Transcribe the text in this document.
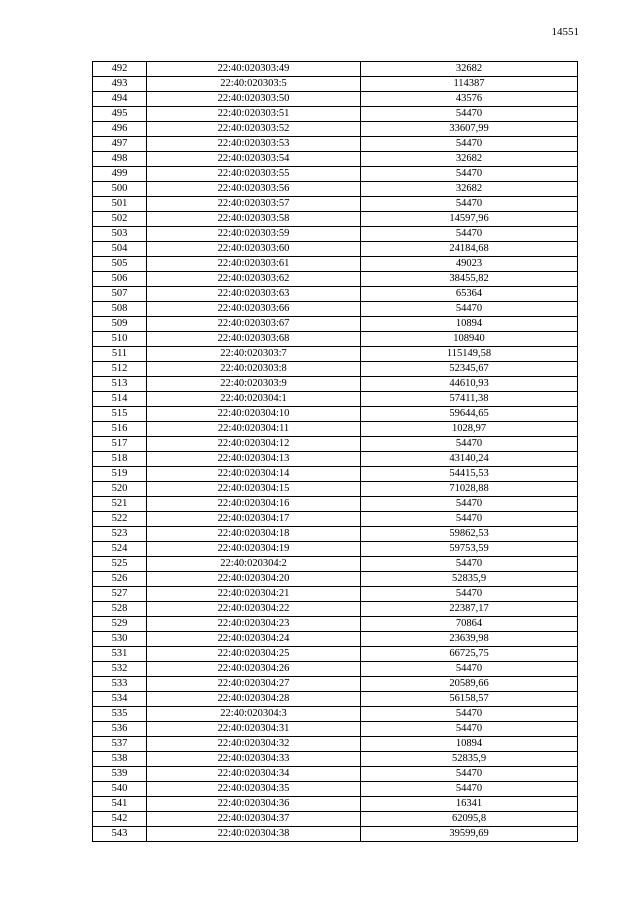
14551
492	22:40:020303:49	32682
493	22:40:020303:5	114387
494	22:40:020303:50	43576
495	22:40:020303:51	54470
496	22:40:020303:52	33607,99
497	22:40:020303:53	54470
498	22:40:020303:54	32682
499	22:40:020303:55	54470
500	22:40:020303:56	32682
501	22:40:020303:57	54470
502	22:40:020303:58	14597,96
503	22:40:020303:59	54470
504	22:40:020303:60	24184,68
505	22:40:020303:61	49023
506	22:40:020303:62	38455,82
507	22:40:020303:63	65364
508	22:40:020303:66	54470
509	22:40:020303:67	10894
510	22:40:020303:68	108940
511	22:40:020303:7	115149,58
512	22:40:020303:8	52345,67
513	22:40:020303:9	44610,93
514	22:40:020304:1	57411,38
515	22:40:020304:10	59644,65
516	22:40:020304:11	1028,97
517	22:40:020304:12	54470
518	22:40:020304:13	43140,24
519	22:40:020304:14	54415,53
520	22:40:020304:15	71028,88
521	22:40:020304:16	54470
522	22:40:020304:17	54470
523	22:40:020304:18	59862,53
524	22:40:020304:19	59753,59
525	22:40:020304:2	54470
526	22:40:020304:20	52835,9
527	22:40:020304:21	54470
528	22:40:020304:22	22387,17
529	22:40:020304:23	70864
530	22:40:020304:24	23639,98
531	22:40:020304:25	66725,75
532	22:40:020304:26	54470
533	22:40:020304:27	20589,66
534	22:40:020304:28	56158,57
535	22:40:020304:3	54470
536	22:40:020304:31	54470
537	22:40:020304:32	10894
538	22:40:020304:33	52835,9
539	22:40:020304:34	54470
540	22:40:020304:35	54470
541	22:40:020304:36	16341
542	22:40:020304:37	62095,8
543	22:40:020304:38	39599,69
